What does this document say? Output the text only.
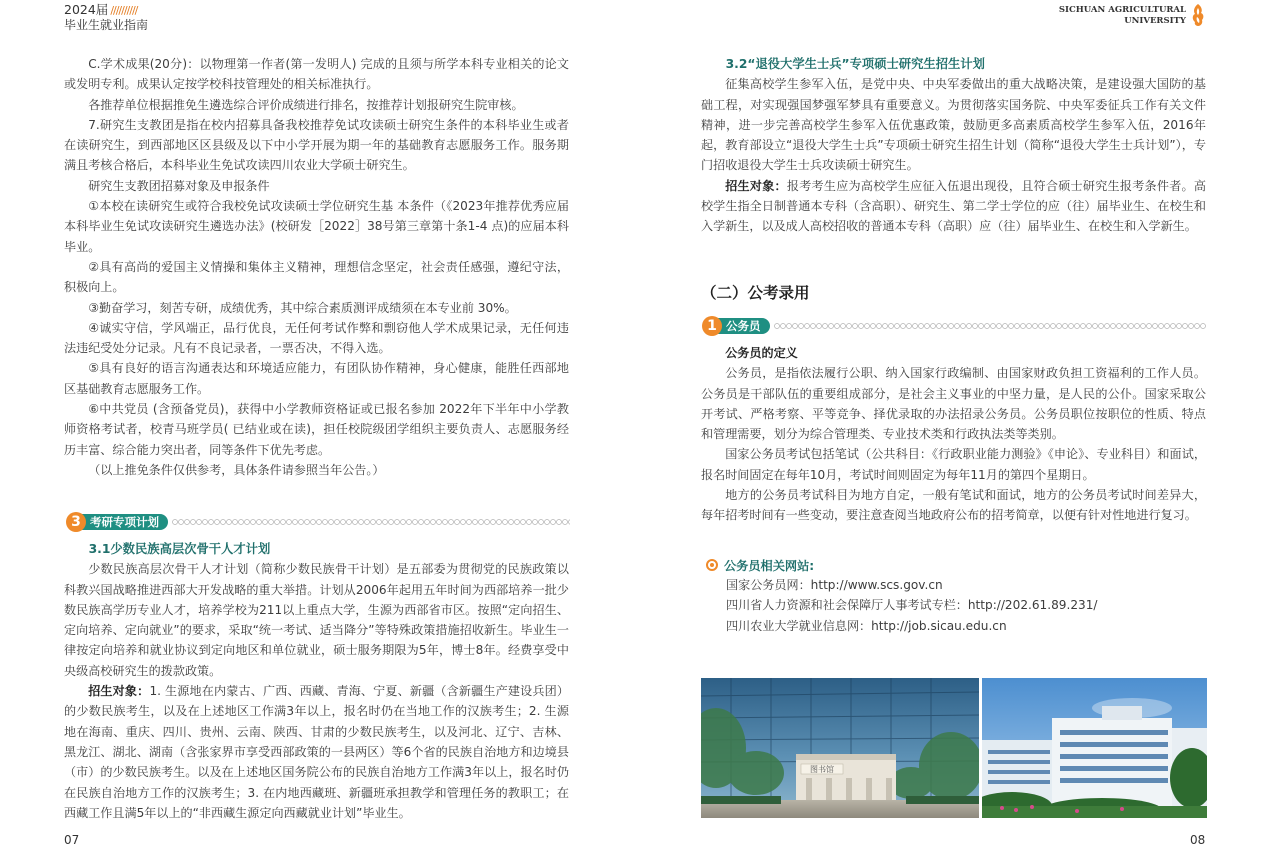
2024届 //////////
毕业生就业指南
SICHUAN AGRICULTURAL
UNIVERSITY

C.学术成果(20分)：以物理第一作者(第一发明人) 完成的且须与所学本科专业相关的论文或发明专利。成果认定按学校科技管理处的相关标准执行。

各推荐单位根据推免生遴选综合评价成绩进行排名，按推荐计划报研究生院审核。

7.研究生支教团是指在校内招募具备我校推荐免试攻读硕士研究生条件的本科毕业生或者在读研究生，到西部地区区县级及以下中小学开展为期一年的基础教育志愿服务工作。服务期满且考核合格后，本科毕业生免试攻读四川农业大学硕士研究生。

研究生支教团招募对象及申报条件

①本校在读研究生或符合我校免试攻读硕士学位研究生基 本条件（《2023年推荐优秀应届本科毕业生免试攻读研究生遴选办法》(校研发［2022］38号第三章第十条1-4 点)的应届本科毕业。

②具有高尚的爱国主义情操和集体主义精神，理想信念坚定，社会责任感强，遵纪守法，积极向上。

③勤奋学习，刻苦专研，成绩优秀，其中综合素质测评成绩须在本专业前 30%。

④诚实守信，学风端正，品行优良，无任何考试作弊和剽窃他人学术成果记录，无任何违法违纪受处分记录。凡有不良记录者，一票否决，不得入选。

⑤具有良好的语言沟通表达和环境适应能力，有团队协作精神，身心健康，能胜任西部地区基础教育志愿服务工作。

⑥中共党员 (含预备党员)，获得中小学教师资格证或已报名参加 2022年下半年中小学教师资格考试者，校青马班学员( 已结业或在读)，担任校院级团学组织主要负责人、志愿服务经历丰富、综合能力突出者，同等条件下优先考虑。

（以上推免条件仅供参考，具体条件请参照当年公告。）

考研专项计划
3

3.1少数民族高层次骨干人才计划

少数民族高层次骨干人才计划（简称少数民族骨干计划）是五部委为贯彻党的民族政策以科教兴国战略推进西部大开发战略的重大举措。计划从2006年起用五年时间为西部培养一批少数民族高学历专业人才，培养学校为211以上重点大学，生源为西部省市区。按照“定向招生、定向培养、定向就业”的要求，采取“统一考试、适当降分”等特殊政策措施招收新生。毕业生一律按定向培养和就业协议到定向地区和单位就业，硕士服务期限为5年，博士8年。经费享受中央级高校研究生的拨款政策。

招生对象：1. 生源地在内蒙古、广西、西藏、青海、宁夏、新疆（含新疆生产建设兵团）的少数民族考生，以及在上述地区工作满3年以上，报名时仍在当地工作的汉族考生；2. 生源地在海南、重庆、四川、贵州、云南、陕西、甘肃的少数民族考生，以及河北、辽宁、吉林、黑龙江、湖北、湖南（含张家界市享受西部政策的一县两区）等6个省的民族自治地方和边境县（市）的少数民族考生。以及在上述地区国务院公布的民族自治地方工作满3年以上，报名时仍在民族自治地方工作的汉族考生；3. 在内地西藏班、新疆班承担教学和管理任务的教职工；在西藏工作且满5年以上的“非西藏生源定向西藏就业计划”毕业生。

07

3.2“退役大学生士兵”专项硕士研究生招生计划

征集高校学生参军入伍，是党中央、中央军委做出的重大战略决策，是建设强大国防的基础工程，对实现强国梦强军梦具有重要意义。为贯彻落实国务院、中央军委征兵工作有关文件精神，进一步完善高校学生参军入伍优惠政策，鼓励更多高素质高校学生参军入伍，2016年起，教育部设立“退役大学生士兵”专项硕士研究生招生计划（简称“退役大学生士兵计划”），专门招收退役大学生士兵攻读硕士研究生。

招生对象：报考考生应为高校学生应征入伍退出现役，且符合硕士研究生报考条件者。高校学生指全日制普通本专科（含高职）、研究生、第二学士学位的应（往）届毕业生、在校生和入学新生，以及成人高校招收的普通本专科（高职）应（往）届毕业生、在校生和入学新生。

（二）公考录用
公务员
1

公务员的定义

公务员，是指依法履行公职、纳入国家行政编制、由国家财政负担工资福利的工作人员。公务员是干部队伍的重要组成部分，是社会主义事业的中坚力量，是人民的公仆。国家采取公开考试、严格考察、平等竞争、择优录取的办法招录公务员。公务员职位按职位的性质、特点和管理需要，划分为综合管理类、专业技术类和行政执法类等类别。

国家公务员考试包括笔试（公共科目：《行政职业能力测验》《申论》、专业科目）和面试，报名时间固定在每年10月，考试时间则固定为每年11月的第四个星期日。

地方的公务员考试科目为地方自定，一般有笔试和面试，地方的公务员考试时间差异大，每年招考时间有一些变动，要注意查阅当地政府公布的招考简章，以便有针对性地进行复习。

公务员相关网站:
国家公务员网：http://www.scs.gov.cn
四川省人力资源和社会保障厅人事考试专栏：http://202.61.89.231/
四川农业大学就业信息网：http://job.sicau.edu.cn
图书馆
08
